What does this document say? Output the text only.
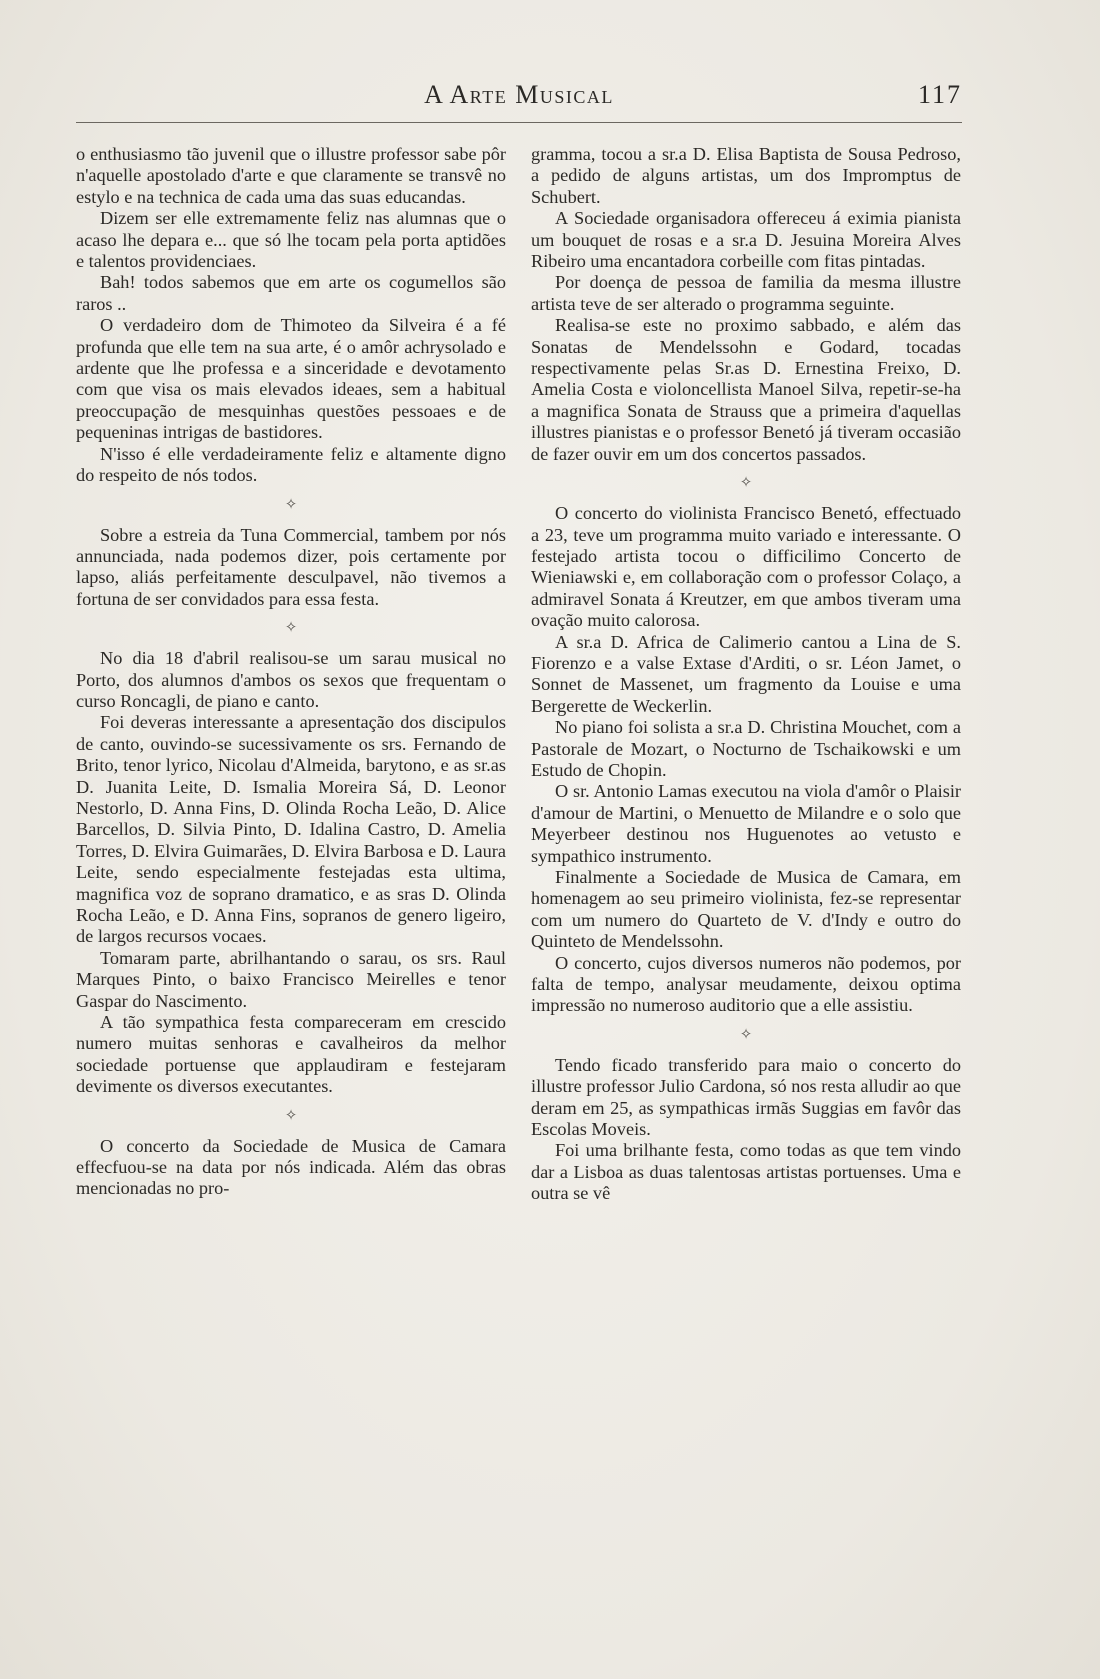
A Arte Musical	117

o enthusiasmo tão juvenil que o illustre professor sabe pôr n'aquelle apostolado d'arte e que claramente se transvê no estylo e na technica de cada uma das suas educandas.

Dizem ser elle extremamente feliz nas alumnas que o acaso lhe depara e... que só lhe tocam pela porta aptidões e talentos providenciaes.

Bah! todos sabemos que em arte os cogumellos são raros ..

O verdadeiro dom de Thimoteo da Silveira é a fé profunda que elle tem na sua arte, é o amôr achrysolado e ardente que lhe professa e a sinceridade e devotamento com que visa os mais elevados ideaes, sem a habitual preoccupação de mesquinhas questões pessoaes e de pequeninas intrigas de bastidores.

N'isso é elle verdadeiramente feliz e altamente digno do respeito de nós todos.

✧

Sobre a estreia da Tuna Commercial, tambem por nós annunciada, nada podemos dizer, pois certamente por lapso, aliás perfeitamente desculpavel, não tivemos a fortuna de ser convidados para essa festa.

✧

No dia 18 d'abril realisou-se um sarau musical no Porto, dos alumnos d'ambos os sexos que frequentam o curso Roncagli, de piano e canto.

Foi deveras interessante a apresentação dos discipulos de canto, ouvindo-se sucessivamente os srs. Fernando de Brito, tenor lyrico, Nicolau d'Almeida, barytono, e as sr.as D. Juanita Leite, D. Ismalia Moreira Sá, D. Leonor Nestorlo, D. Anna Fins, D. Olinda Rocha Leão, D. Alice Barcellos, D. Silvia Pinto, D. Idalina Castro, D. Amelia Torres, D. Elvira Guimarães, D. Elvira Barbosa e D. Laura Leite, sendo especialmente festejadas esta ultima, magnifica voz de soprano dramatico, e as sras D. Olinda Rocha Leão, e D. Anna Fins, sopranos de genero ligeiro, de largos recursos vocaes.

Tomaram parte, abrilhantando o sarau, os srs. Raul Marques Pinto, o baixo Francisco Meirelles e tenor Gaspar do Nascimento.

A tão sympathica festa compareceram em crescido numero muitas senhoras e cavalheiros da melhor sociedade portuense que applaudiram e festejaram devimente os diversos executantes.

✧

O concerto da Sociedade de Musica de Camara effecfuou-se na data por nós indicada. Além das obras mencionadas no pro-

gramma, tocou a sr.a D. Elisa Baptista de Sousa Pedroso, a pedido de alguns artistas, um dos Impromptus de Schubert.

A Sociedade organisadora offereceu á eximia pianista um bouquet de rosas e a sr.a D. Jesuina Moreira Alves Ribeiro uma encantadora corbeille com fitas pintadas.

Por doença de pessoa de familia da mesma illustre artista teve de ser alterado o programma seguinte.

Realisa-se este no proximo sabbado, e além das Sonatas de Mendelssohn e Godard, tocadas respectivamente pelas Sr.as D. Ernestina Freixo, D. Amelia Costa e violoncellista Manoel Silva, repetir-se-ha a magnifica Sonata de Strauss que a primeira d'aquellas illustres pianistas e o professor Benetó já tiveram occasião de fazer ouvir em um dos concertos passados.

✧

O concerto do violinista Francisco Benetó, effectuado a 23, teve um programma muito variado e interessante. O festejado artista tocou o difficilimo Concerto de Wieniawski e, em collaboração com o professor Colaço, a admiravel Sonata á Kreutzer, em que ambos tiveram uma ovação muito calorosa.

A sr.a D. Africa de Calimerio cantou a Lina de S. Fiorenzo e a valse Extase d'Arditi, o sr. Léon Jamet, o Sonnet de Massenet, um fragmento da Louise e uma Bergerette de Weckerlin.

No piano foi solista a sr.a D. Christina Mouchet, com a Pastorale de Mozart, o Nocturno de Tschaikowski e um Estudo de Chopin.

O sr. Antonio Lamas executou na viola d'amôr o Plaisir d'amour de Martini, o Menuetto de Milandre e o solo que Meyerbeer destinou nos Huguenotes ao vetusto e sympathico instrumento.

Finalmente a Sociedade de Musica de Camara, em homenagem ao seu primeiro violinista, fez-se representar com um numero do Quarteto de V. d'Indy e outro do Quinteto de Mendelssohn.

O concerto, cujos diversos numeros não podemos, por falta de tempo, analysar meudamente, deixou optima impressão no numeroso auditorio que a elle assistiu.

✧

Tendo ficado transferido para maio o concerto do illustre professor Julio Cardona, só nos resta alludir ao que deram em 25, as sympathicas irmãs Suggias em favôr das Escolas Moveis.

Foi uma brilhante festa, como todas as que tem vindo dar a Lisboa as duas talentosas artistas portuenses. Uma e outra se vê
